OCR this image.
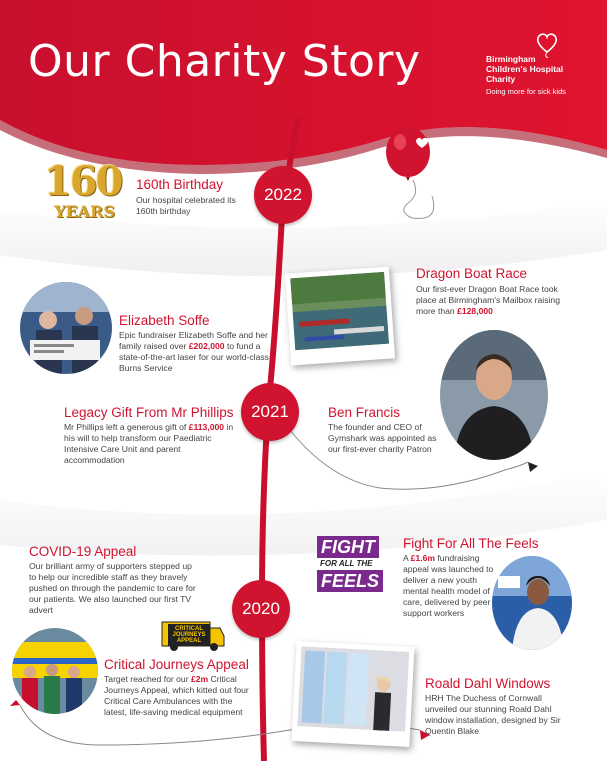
Our Charity Story	Birmingham
Children's Hospital
Charity
Doing more for sick kids
2022
2021
2020
160
YEARS
160th Birthday
Our hospital celebrated its 160th birthday
Dragon Boat Race
Our first-ever Dragon Boat Race took place at Birmingham's Mailbox raising more than £128,000
Elizabeth Soffe
Epic fundraiser Elizabeth Soffe and her family raised over £202,000 to fund a state-of-the-art laser for our world-class Burns Service
Legacy Gift From Mr Phillips
Mr Phillips left a generous gift of £113,000 in his will to help transform our Paediatric Intensive Care Unit and parent accommodation
Ben Francis
The founder and CEO of Gymshark was appointed as our first-ever charity Patron
COVID-19 Appeal
Our brilliant army of supporters stepped up to help our incredible staff as they bravely pushed on through the pandemic to care for our patients. We also launched our first TV advert
FIGHT
FOR ALL THE
FEELS
Fight For All The Feels
A £1.6m fundraising appeal was launched to deliver a new youth mental health model of care, delivered by peer support workers
CRITICAL
JOURNEYS
APPEAL
Critical Journeys Appeal
Target reached for our £2m Critical Journeys Appeal, which kitted out four Critical Care Ambulances with the latest, life-saving medical equipment
Roald Dahl Windows
HRH The Duchess of Cornwall unveiled our stunning Roald Dahl window installation, designed by Sir Quentin Blake
